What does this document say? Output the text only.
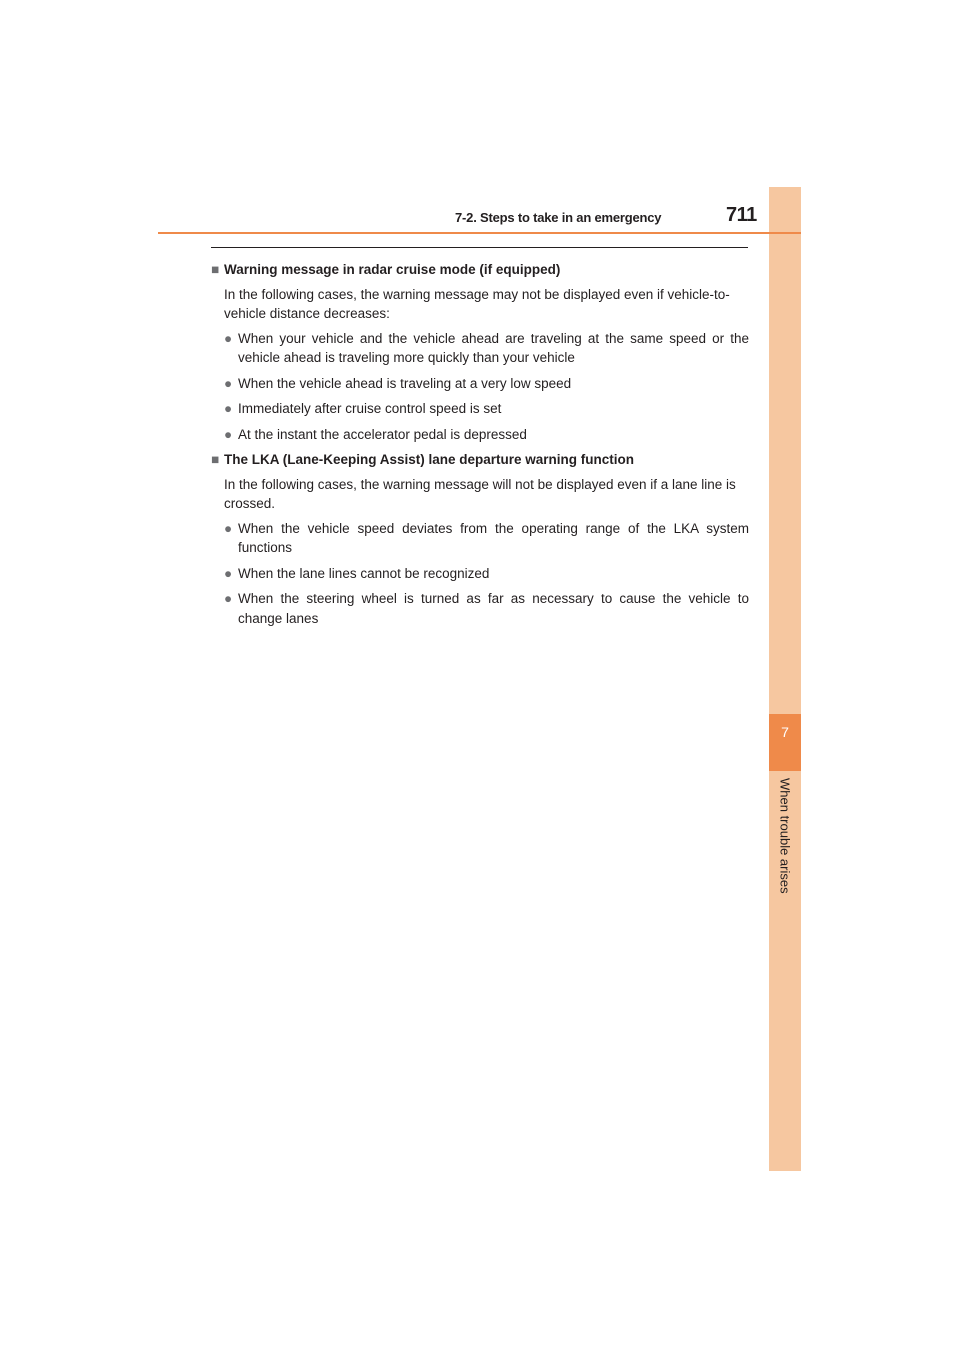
7
When trouble arises
7-2. Steps to take in an emergency	711
■ Warning message in radar cruise mode (if equipped)
In the following cases, the warning message may not be displayed even if vehicle-to-vehicle distance decreases:
● When your vehicle and the vehicle ahead are traveling at the same speed or the vehicle ahead is traveling more quickly than your vehicle
● When the vehicle ahead is traveling at a very low speed
● Immediately after cruise control speed is set
● At the instant the accelerator pedal is depressed
■ The LKA (Lane-Keeping Assist) lane departure warning function
In the following cases, the warning message will not be displayed even if a lane line is crossed.
● When the vehicle speed deviates from the operating range of the LKA system functions
● When the lane lines cannot be recognized
● When the steering wheel is turned as far as necessary to cause the vehicle to change lanes
